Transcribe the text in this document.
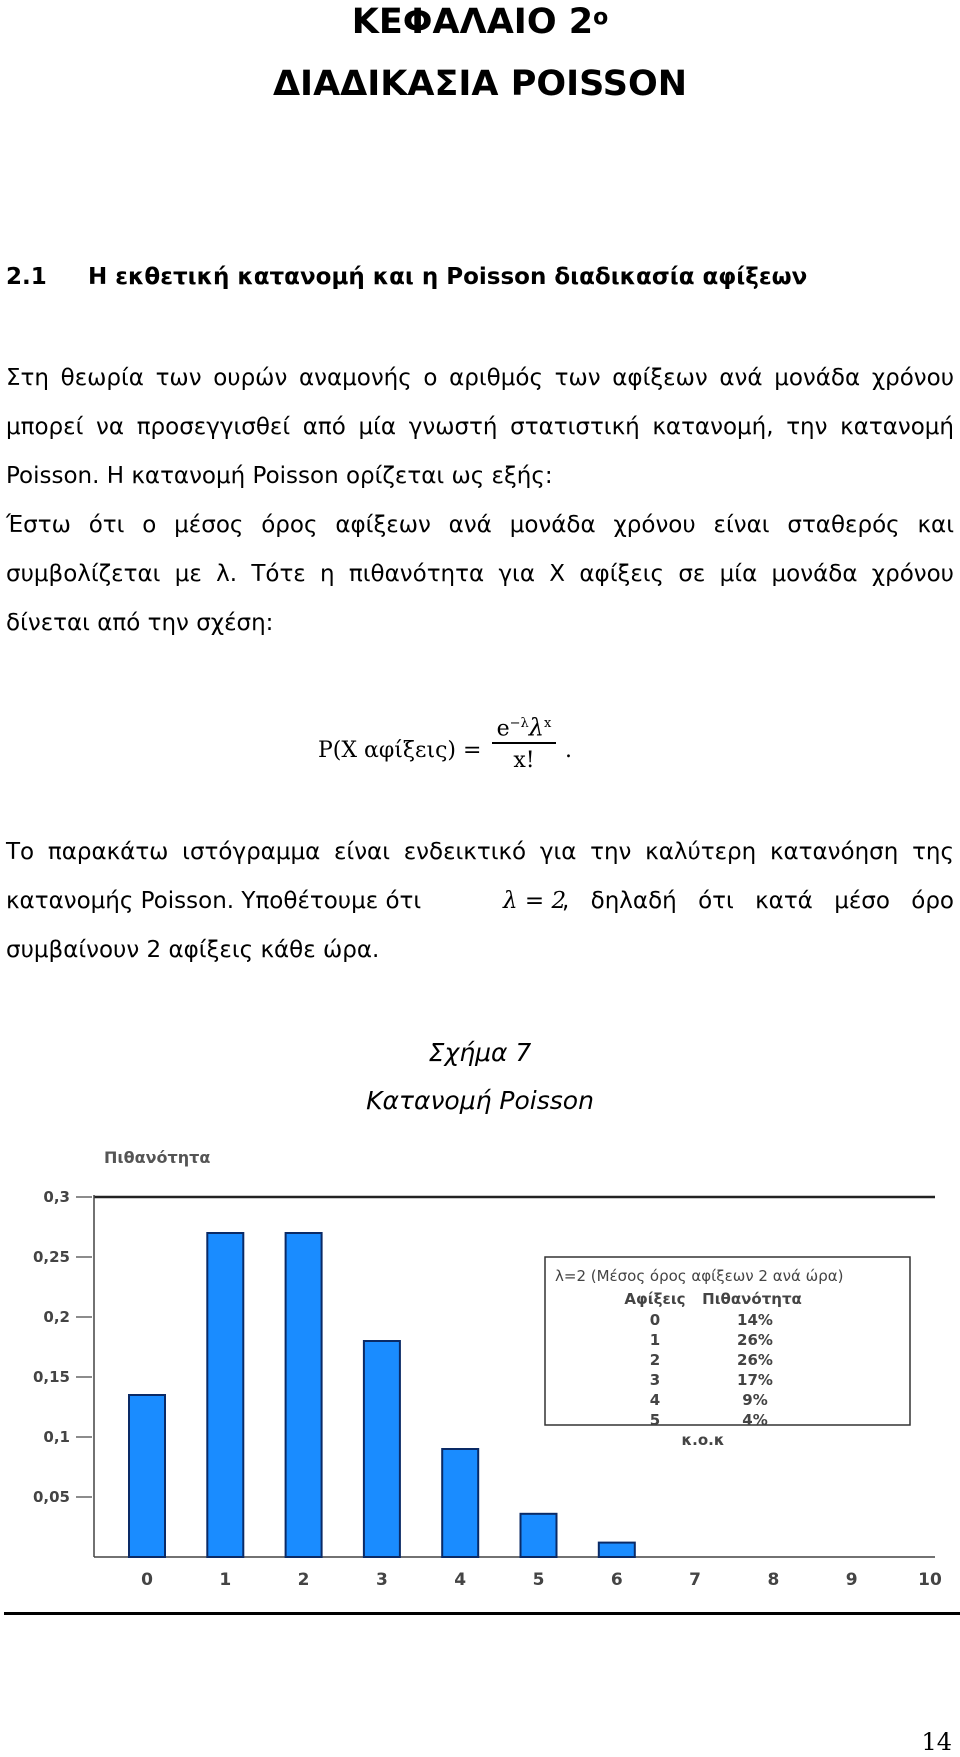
ΚΕΦΑΛΑΙΟ $2^o$
ΔΙΑΔΙΚΑΣΙΑ POISSON
2.1 Η εκθετική κατανομή και η Poisson διαδικασία αφίξεων
Στη θεωρία των ουρών αναμονής ο αριθμός των αφίξεων ανά μονάδα χρόνου
μπορεί να προσεγγισθεί από μία γνωστή στατιστική κατανομή, την κατανομή
Poisson. Η κατανομή Poisson ορίζεται ως εξής:
Έστω ότι ο μέσος όρος αφίξεων ανά μονάδα χρόνου είναι σταθερός και
συμβολίζεται με λ. Τότε η πιθανότητα για Χ αφίξεις σε μία μονάδα χρόνου
δίνεται από την σχέση:
P(X αφίξεις) =
$e^{-\lambda}\lambda^x$
x!	.
Το παρακάτω ιστόγραμμα είναι ενδεικτικό για την καλύτερη κατανόηση της
κατανομής Poisson. Υποθέτουμε ότι	λ = 2
, δηλαδή ότι κατά μέσο όρο
συμβαίνουν 2 αφίξεις κάθε ώρα.
Σχήμα 7
Κατανομή Poisson
Πιθανότητα
0,05
0,1
0,15
0,2
0,25
0,3
0	1	2	3	4	5	6	7	8	9	10
λ=2 (Μέσος όρος αφίξεων 2 ανά ώρα)
Αφίξεις Πιθανότητα
0	14%
1	26%
2	26%
3	17%
4	9%
5	4%
κ.ο.κ
14
